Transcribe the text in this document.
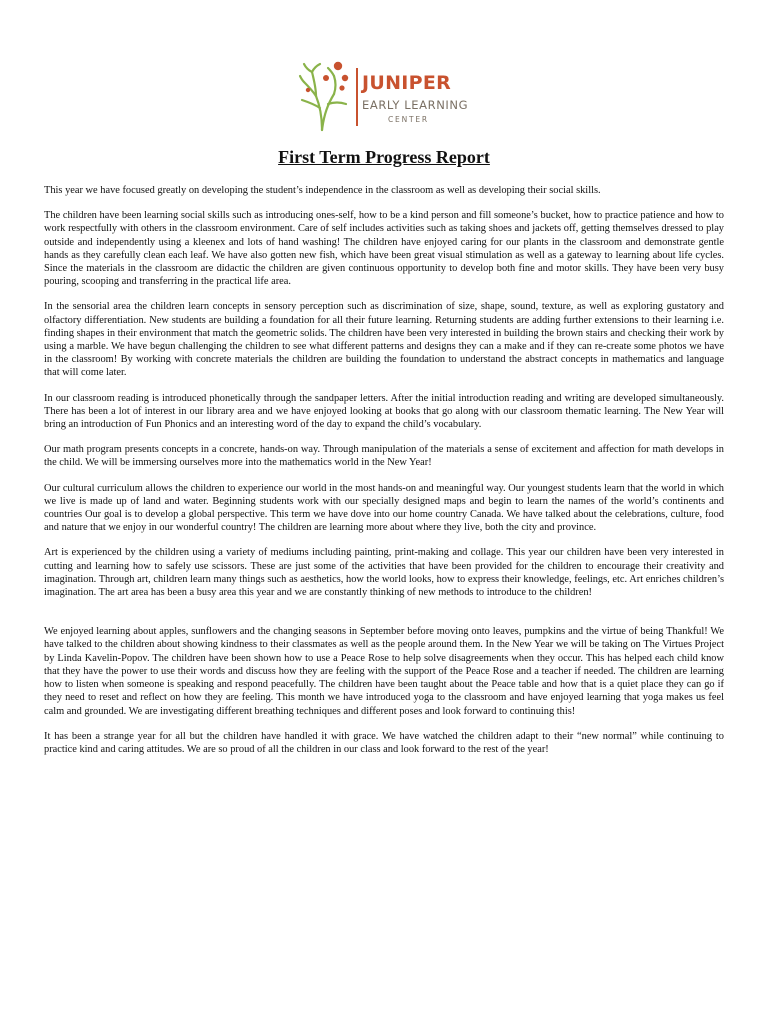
JUNIPER
EARLY LEARNING
CENTER
First Term Progress Report

This year we have focused greatly on developing the student’s independence in the classroom as well as developing their social skills.

The children have been learning social skills such as introducing ones-self, how to be a kind person and fill someone’s bucket, how to practice patience and how to work respectfully with others in the classroom environment. Care of self includes activities such as taking shoes and jackets off, getting themselves dressed to play outside and independently using a kleenex and lots of hand washing! The children have enjoyed caring for our plants in the classroom and demonstrate gentle hands as they carefully clean each leaf. We have also gotten new fish, which have been great visual stimulation as well as a gateway to learning about life cycles. Since the materials in the classroom are didactic the children are given continuous opportunity to develop both fine and motor skills. They have been very busy pouring, scooping and transferring in the practical life area.

In the sensorial area the children learn concepts in sensory perception such as discrimination of size, shape, sound, texture, as well as exploring gustatory and olfactory differentiation. New students are building a foundation for all their future learning. Returning students are adding further extensions to their learning i.e. finding shapes in their environment that match the geometric solids. The children have been very interested in building the brown stairs and checking their work by using a marble. We have begun challenging the children to see what different patterns and designs they can a make and if they can re-create some photos we have in the classroom! By working with concrete materials the children are building the foundation to understand the abstract concepts in mathematics and language that will come later.

In our classroom reading is introduced phonetically through the sandpaper letters. After the initial introduction reading and writing are developed simultaneously. There has been a lot of interest in our library area and we have enjoyed looking at books that go along with our classroom thematic learning. The New Year will bring an introduction of Fun Phonics and an interesting word of the day to expand the child’s vocabulary.

Our math program presents concepts in a concrete, hands-on way. Through manipulation of the materials a sense of excitement and affection for math develops in the child. We will be immersing ourselves more into the mathematics world in the New Year!

Our cultural curriculum allows the children to experience our world in the most hands-on and meaningful way. Our youngest students learn that the world in which we live is made up of land and water. Beginning students work with our specially designed maps and begin to learn the names of the world’s continents and countries Our goal is to develop a global perspective. This term we have dove into our home country Canada. We have talked about the celebrations, culture, food and nature that we enjoy in our wonderful country! The children are learning more about where they live, both the city and province.

Art is experienced by the children using a variety of mediums including painting, print-making and collage. This year our children have been very interested in cutting and learning how to safely use scissors. These are just some of the activities that have been provided for the children to encourage their creativity and imagination. Through art, children learn many things such as aesthetics, how the world looks, how to express their knowledge, feelings, etc. Art enriches children’s imagination. The art area has been a busy area this year and we are constantly thinking of new methods to introduce to the children!

We enjoyed learning about apples, sunflowers and the changing seasons in September before moving onto leaves, pumpkins and the virtue of being Thankful! We have talked to the children about showing kindness to their classmates as well as the people around them. In the New Year we will be taking on The Virtues Project by Linda Kavelin-Popov. The children have been shown how to use a Peace Rose to help solve disagreements when they occur. This has helped each child know that they have the power to use their words and discuss how they are feeling with the support of the Peace Rose and a teacher if needed. The children are learning how to listen when someone is speaking and respond peacefully. The children have been taught about the Peace table and how that is a quiet place they can go if they need to reset and reflect on how they are feeling. This month we have introduced yoga to the classroom and have enjoyed learning that yoga makes us feel calm and grounded. We are investigating different breathing techniques and different poses and look forward to continuing this!

It has been a strange year for all but the children have handled it with grace. We have watched the children adapt to their “new normal” while continuing to practice kind and caring attitudes. We are so proud of all the children in our class and look forward to the rest of the year!
